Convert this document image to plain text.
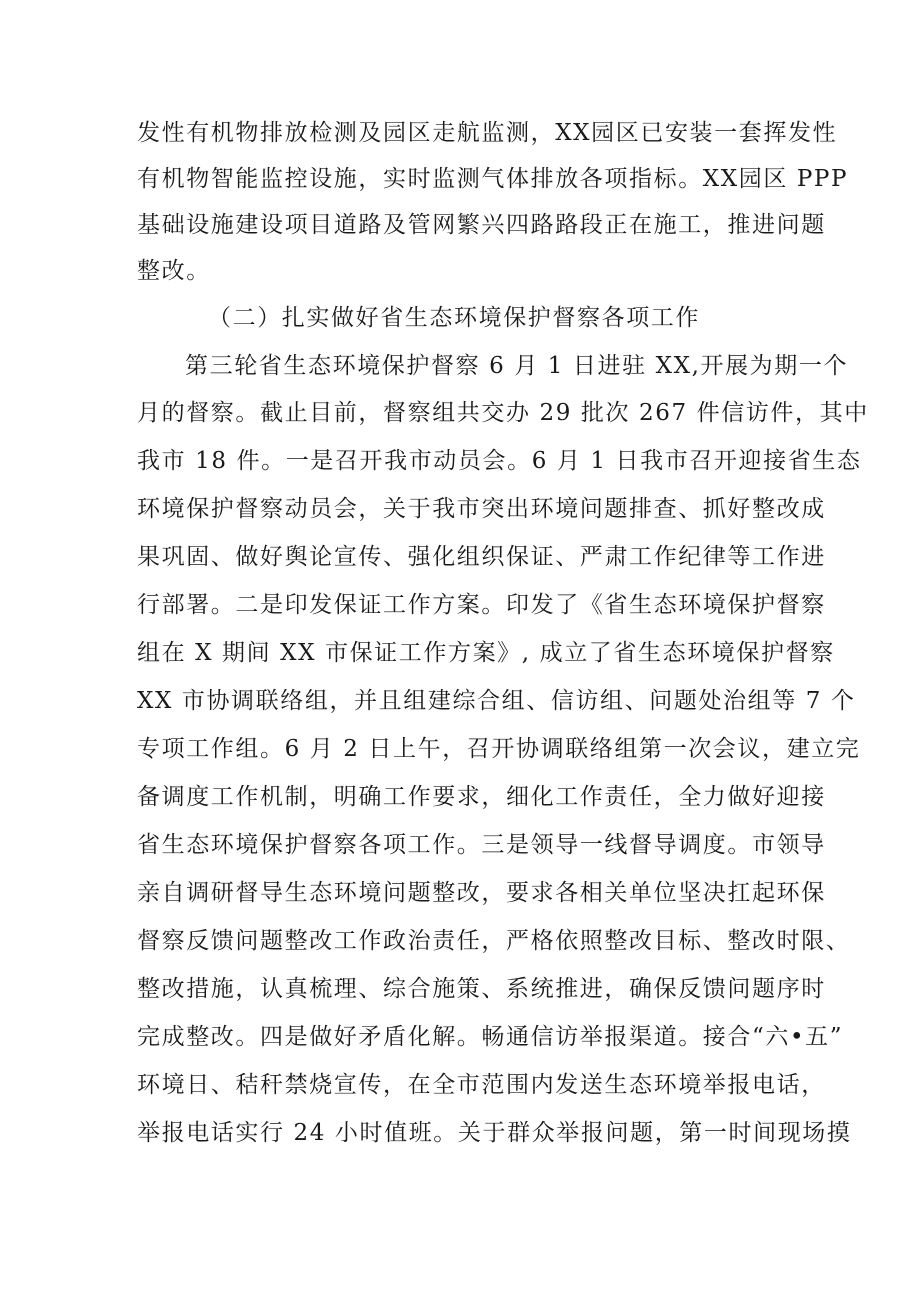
发性有机物排放检测及园区走航监测，XX园区已安装一套挥发性
有机物智能监控设施，实时监测气体排放各项指标。XX园区 PPP
基础设施建设项目道路及管网繁兴四路路段正在施工，推进问题
整改。
（二）扎实做好省生态环境保护督察各项工作
第三轮省生态环境保护督察 6 月 1 日进驻 XX,开展为期一个
月的督察。截止目前，督察组共交办 29 批次 267 件信访件，其中
我市 18 件。一是召开我市动员会。6 月 1 日我市召开迎接省生态
环境保护督察动员会，关于我市突出环境问题排查、抓好整改成
果巩固、做好舆论宣传、强化组织保证、严肃工作纪律等工作进
行部署。二是印发保证工作方案。印发了《省生态环境保护督察
组在 X 期间 XX 市保证工作方案》, 成立了省生态环境保护督察
XX 市协调联络组，并且组建综合组、信访组、问题处治组等 7 个
专项工作组。6 月 2 日上午，召开协调联络组第一次会议，建立完
备调度工作机制，明确工作要求，细化工作责任，全力做好迎接
省生态环境保护督察各项工作。三是领导一线督导调度。市领导
亲自调研督导生态环境问题整改，要求各相关单位坚决扛起环保
督察反馈问题整改工作政治责任，严格依照整改目标、整改时限、
整改措施，认真梳理、综合施策、系统推进，确保反馈问题序时
完成整改。四是做好矛盾化解。畅通信访举报渠道。接合“六•五”
环境日、秸秆禁烧宣传，在全市范围内发送生态环境举报电话，
举报电话实行 24 小时值班。关于群众举报问题，第一时间现场摸
